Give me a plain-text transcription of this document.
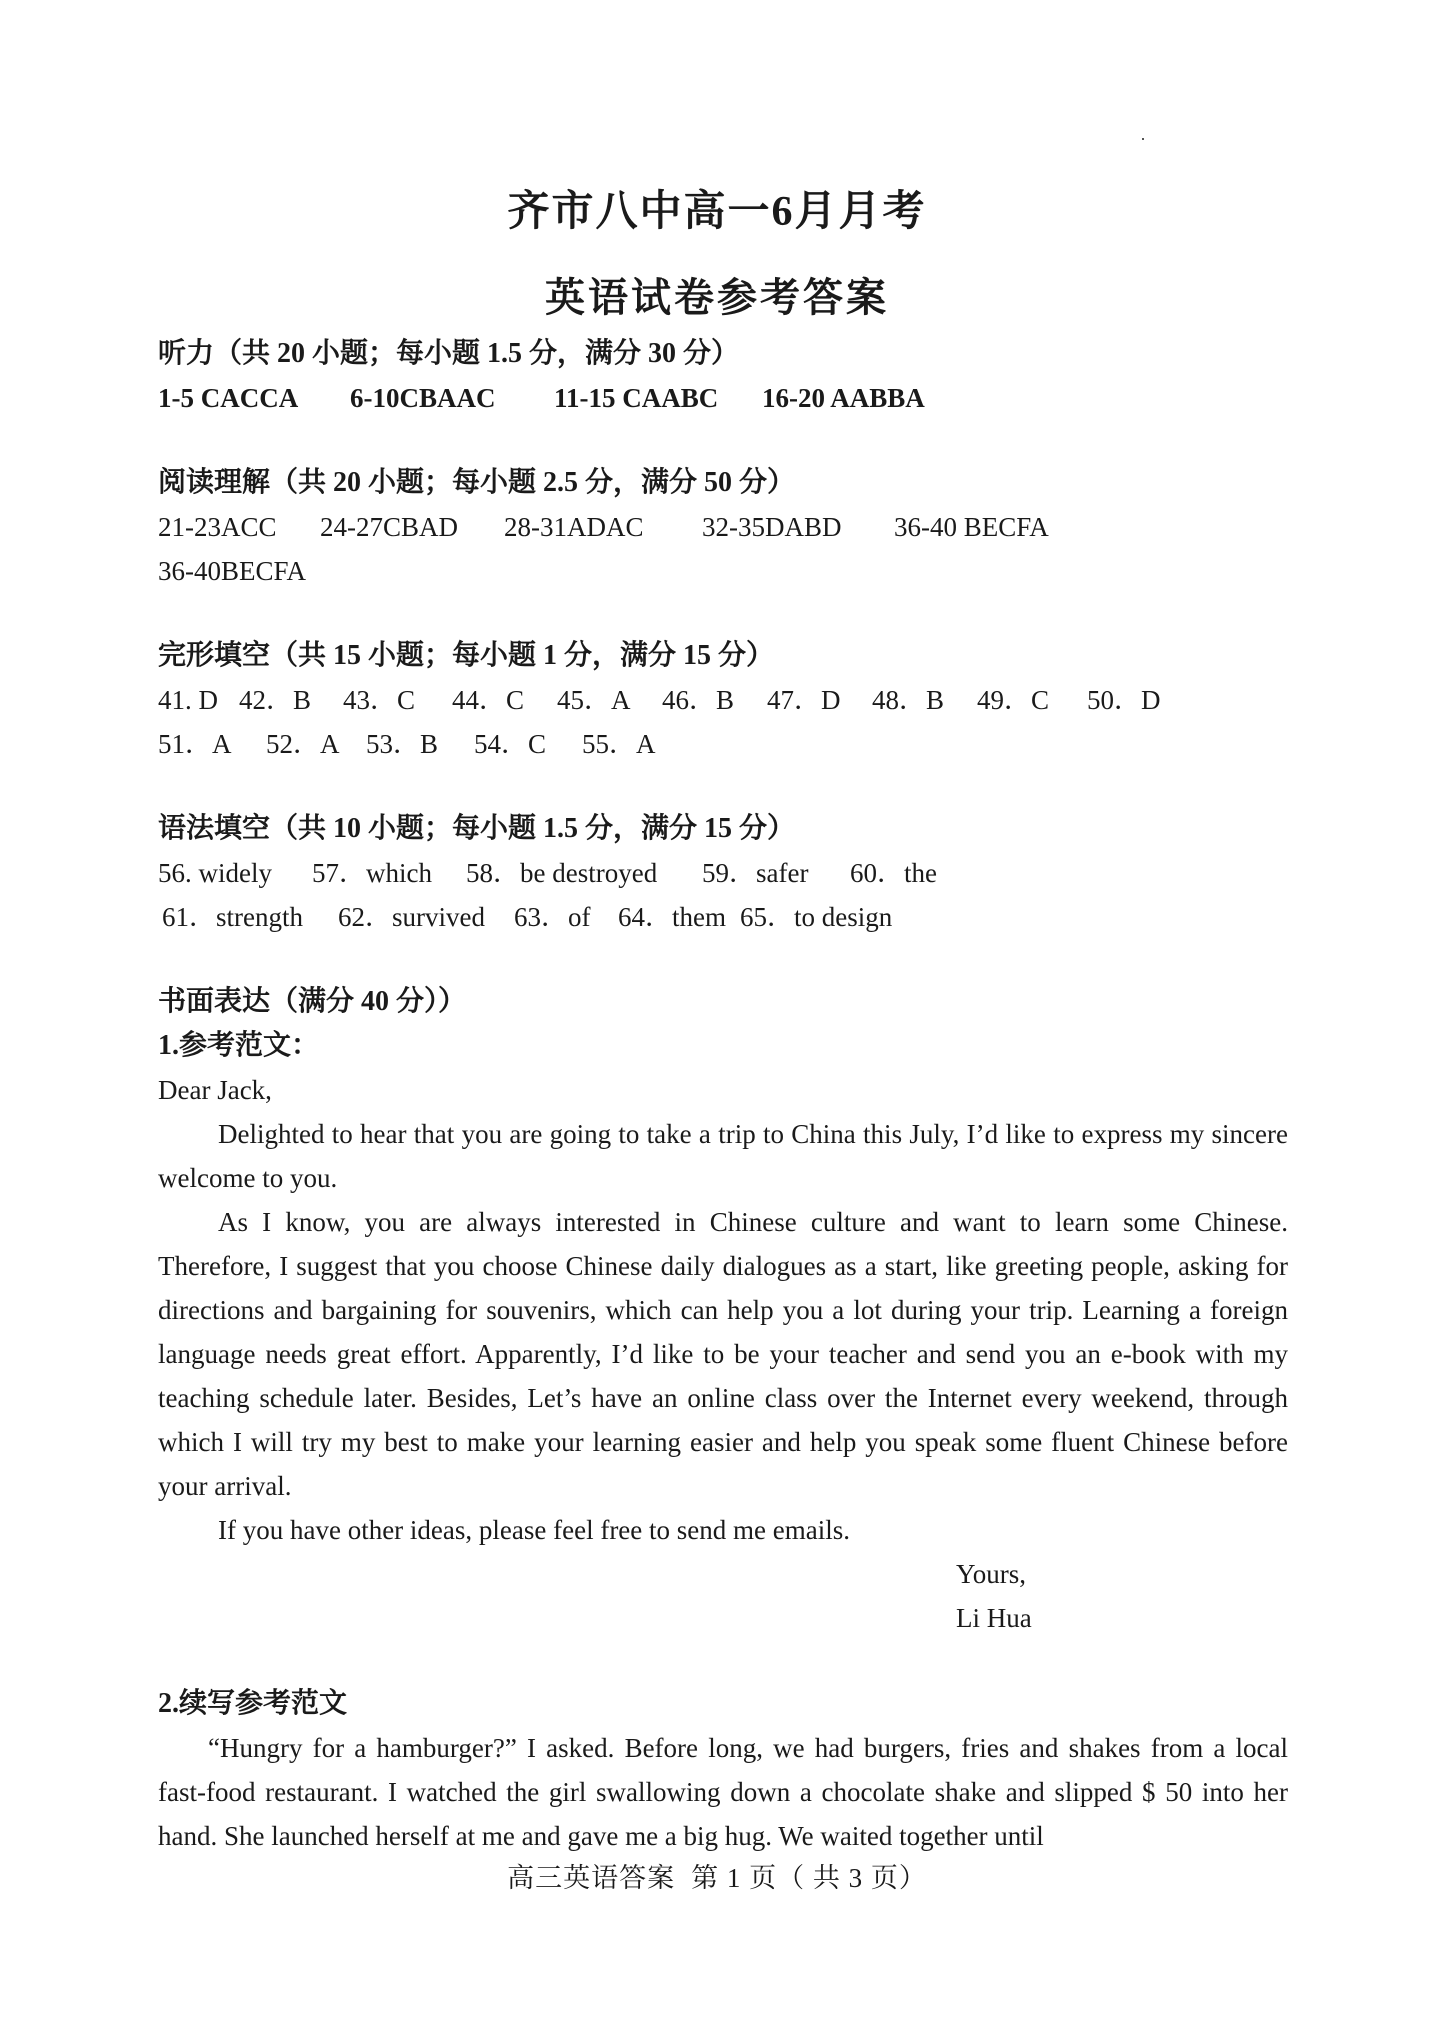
齐市八中高一6月月考
英语试卷参考答案
听力（共 20 小题；每小题 1.5 分，满分 30 分）
1-5 CACCA 6-10CBAAC 11-15 CAABC 16-20 AABBA
阅读理解（共 20 小题；每小题 2.5 分，满分 50 分）
21-23ACC 24-27CBAD 28-31ADAC 32-35DABD 36-40 BECFA
36-40BECFA
完形填空（共 15 小题；每小题 1 分，满分 15 分）
41. D 42．B 43．C 44．C 45．A 46．B 47．D 48．B 49．C 50．D
51．A 52．A 53．B 54．C 55．A
语法填空（共 10 小题；每小题 1.5 分，满分 15 分）
56. widely 57．which 58．be destroyed 59．safer 60．the
61．strength 62．survived 63．of 64．them 65．to design
书面表达（满分 40 分））
1.参考范文：
Dear Jack,
Delighted to hear that you are going to take a trip to China this July, I’d like to express my sincere welcome to you.
As I know, you are always interested in Chinese culture and want to learn some Chinese. Therefore, I suggest that you choose Chinese daily dialogues as a start, like greeting people, asking for directions and bargaining for souvenirs, which can help you a lot during your trip. Learning a foreign language needs great effort. Apparently, I’d like to be your teacher and send you an e-book with my teaching schedule later. Besides, Let’s have an online class over the Internet every weekend, through which I will try my best to make your learning easier and help you speak some fluent Chinese before your arrival.
If you have other ideas, please feel free to send me emails.
Yours,
Li Hua
2.续写参考范文
“Hungry for a hamburger?” I asked. Before long, we had burgers, fries and shakes from a local fast-food restaurant. I watched the girl swallowing down a chocolate shake and slipped $ 50 into her hand. She launched herself at me and gave me a big hug. We waited together until
高三英语答案 第 1 页（ 共 3 页）
